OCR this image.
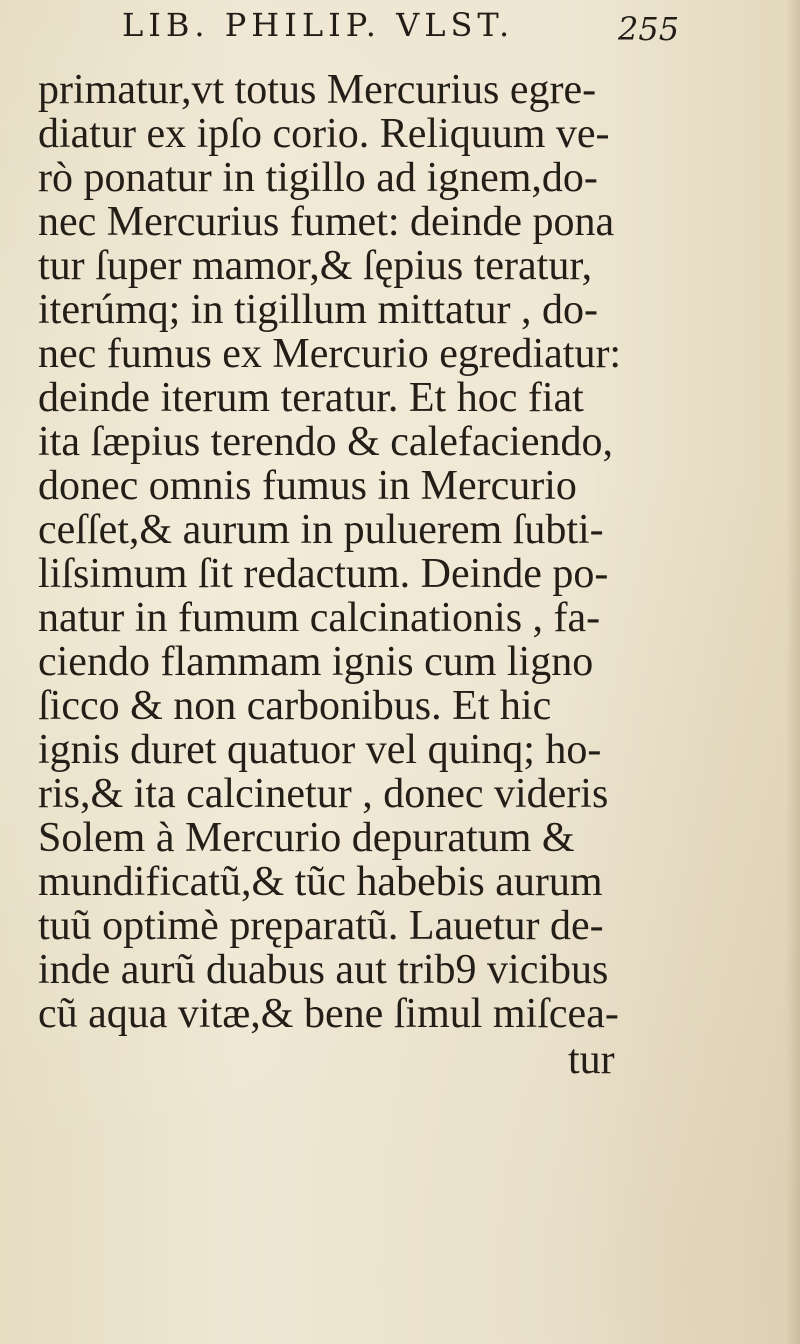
LIB. PHILIP. VLST.	255
primatur,vt totus Mercurius egre-
diatur ex ipſo corio. Reliquum ve-
rò ponatur in tigillo ad ignem,do-
nec Mercurius fumet: deinde pona
tur ſuper mamor,& ſępius teratur,
iterúmq; in tigillum mittatur , do-
nec fumus ex Mercurio egrediatur:
deinde iterum teratur. Et hoc fiat
ita ſæpius terendo & calefaciendo,
donec omnis fumus in Mercurio
ceſſet,& aurum in puluerem ſubti-
liſsimum ſit redactum. Deinde po-
natur in fumum calcinationis , fa-
ciendo flammam ignis cum ligno
ſicco & non carbonibus. Et hic
ignis duret quatuor vel quinq; ho-
ris,& ita calcinetur , donec videris
Solem à Mercurio depuratum &
mundificatũ,& tũc habebis aurum
tuũ optimè pręparatũ. Lauetur de-
inde aurũ duabus aut trib9 vicibus
cũ aqua vitæ,& bene ſimul miſcea-
tur
